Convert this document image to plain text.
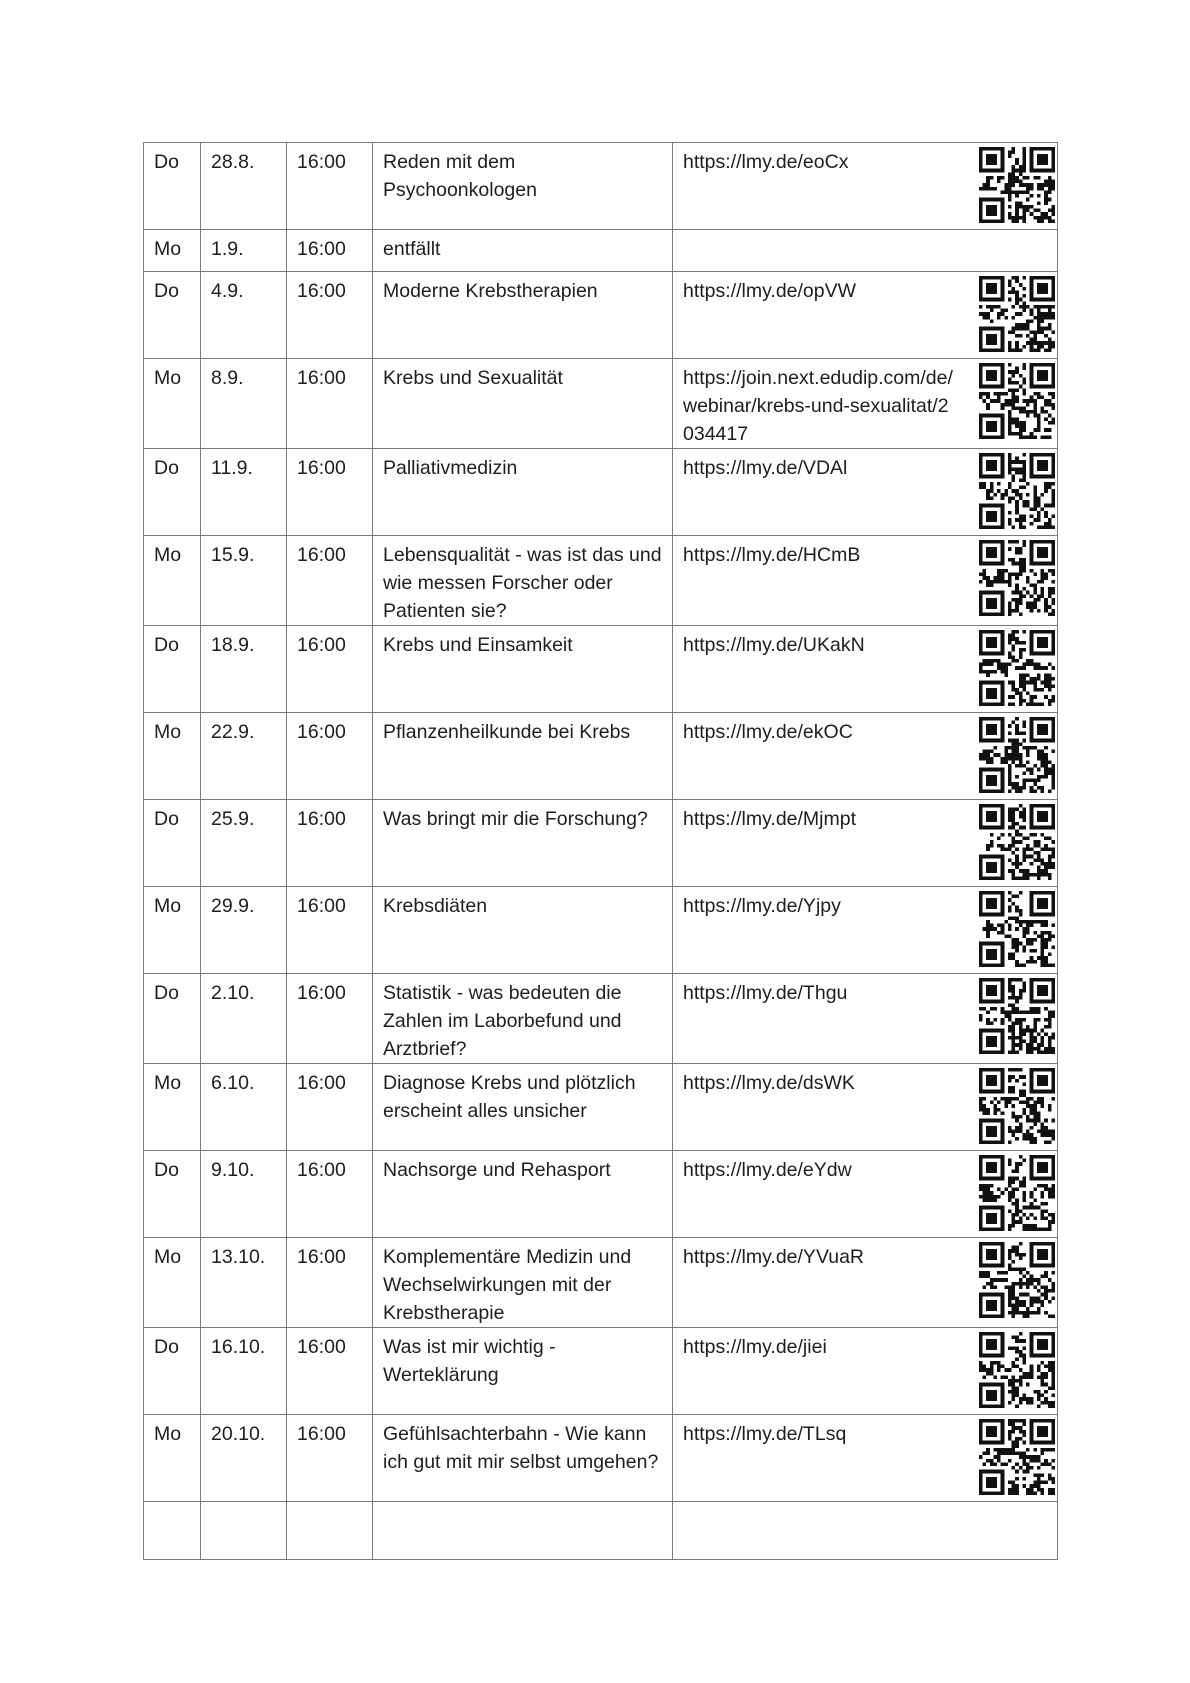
Do	28.8.	16:00	Reden mit dem Psychoonkologen	https://lmy.de/eoCx

Mo	1.9.	16:00	entfällt	
Do	4.9.	16:00	Moderne Krebstherapien	https://lmy.de/opVW

Mo	8.9.	16:00	Krebs und Sexualität	https://join.next.edudip.com/de/webinar/krebs-und-sexualitat/2034417

Do	11.9.	16:00	Palliativmedizin	https://lmy.de/VDAl

Mo	15.9.	16:00	Lebensqualität - was ist das und wie messen Forscher oder Patienten sie?	https://lmy.de/HCmB

Do	18.9.	16:00	Krebs und Einsamkeit	https://lmy.de/UKakN

Mo	22.9.	16:00	Pflanzenheilkunde bei Krebs	https://lmy.de/ekOC

Do	25.9.	16:00	Was bringt mir die Forschung?	https://lmy.de/Mjmpt

Mo	29.9.	16:00	Krebsdiäten	https://lmy.de/Yjpy

Do	2.10.	16:00	Statistik - was bedeuten die Zahlen im Laborbefund und Arztbrief?	https://lmy.de/Thgu

Mo	6.10.	16:00	Diagnose Krebs und plötzlich erscheint alles unsicher	https://lmy.de/dsWK

Do	9.10.	16:00	Nachsorge und Rehasport	https://lmy.de/eYdw

Mo	13.10.	16:00	Komplementäre Medizin und Wechselwirkungen mit der Krebstherapie	https://lmy.de/YVuaR

Do	16.10.	16:00	Was ist mir wichtig - Werteklärung	https://lmy.de/jiei

Mo	20.10.	16:00	Gefühlsachterbahn - Wie kann ich gut mit mir selbst umgehen?	https://lmy.de/TLsq
